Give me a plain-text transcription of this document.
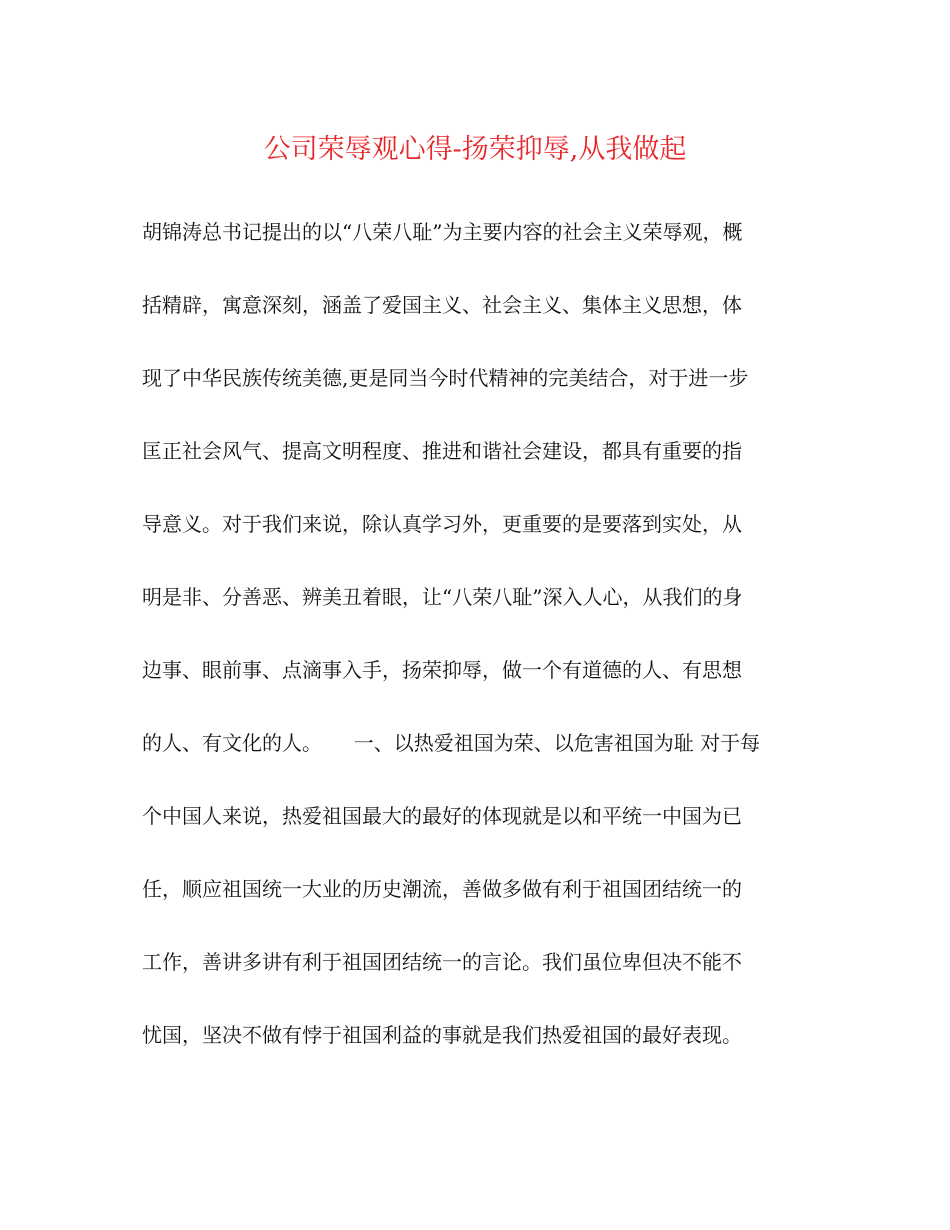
公司荣辱观心得-扬荣抑辱,从我做起
胡锦涛总书记提出的以“八荣八耻”为主要内容的社会主义荣辱观，概
括精辟，寓意深刻，涵盖了爱国主义、社会主义、集体主义思想，体
现了中华民族传统美德,更是同当今时代精神的完美结合，对于进一步
匡正社会风气、提高文明程度、推进和谐社会建设，都具有重要的指
导意义。对于我们来说，除认真学习外，更重要的是要落到实处，从
明是非、分善恶、辨美丑着眼，让“八荣八耻”深入人心，从我们的身
边事、眼前事、点滴事入手，扬荣抑辱，做一个有道德的人、有思想
的人、有文化的人。     一、以热爱祖国为荣、以危害祖国为耻 对于每
个中国人来说，热爱祖国最大的最好的体现就是以和平统一中国为已
任，顺应祖国统一大业的历史潮流，善做多做有利于祖国团结统一的
工作，善讲多讲有利于祖国团结统一的言论。我们虽位卑但决不能不
忧国，坚决不做有悖于祖国利益的事就是我们热爱祖国的最好表现。
